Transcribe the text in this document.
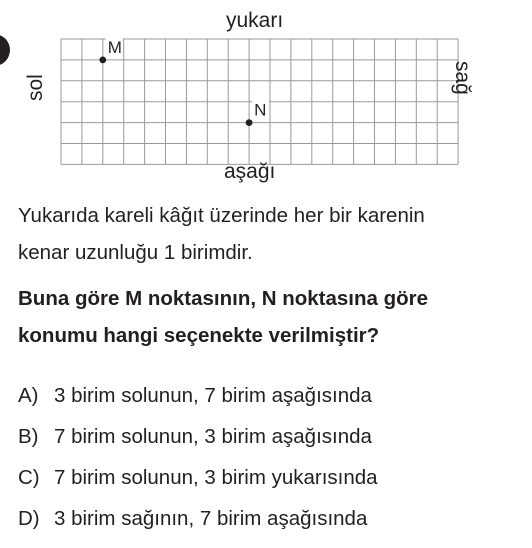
M
N
yukarı
aşağı
sol	sağ
Yukarıda kareli kâğıt üzerinde her bir karenin
kenar uzunluğu 1 birimdir.
Buna göre M noktasının, N noktasına göre
konumu hangi seçenekte verilmiştir?
A) 3 birim solunun, 7 birim aşağısında
B) 7 birim solunun, 3 birim aşağısında
C) 7 birim solunun, 3 birim yukarısında
D) 3 birim sağının, 7 birim aşağısında
